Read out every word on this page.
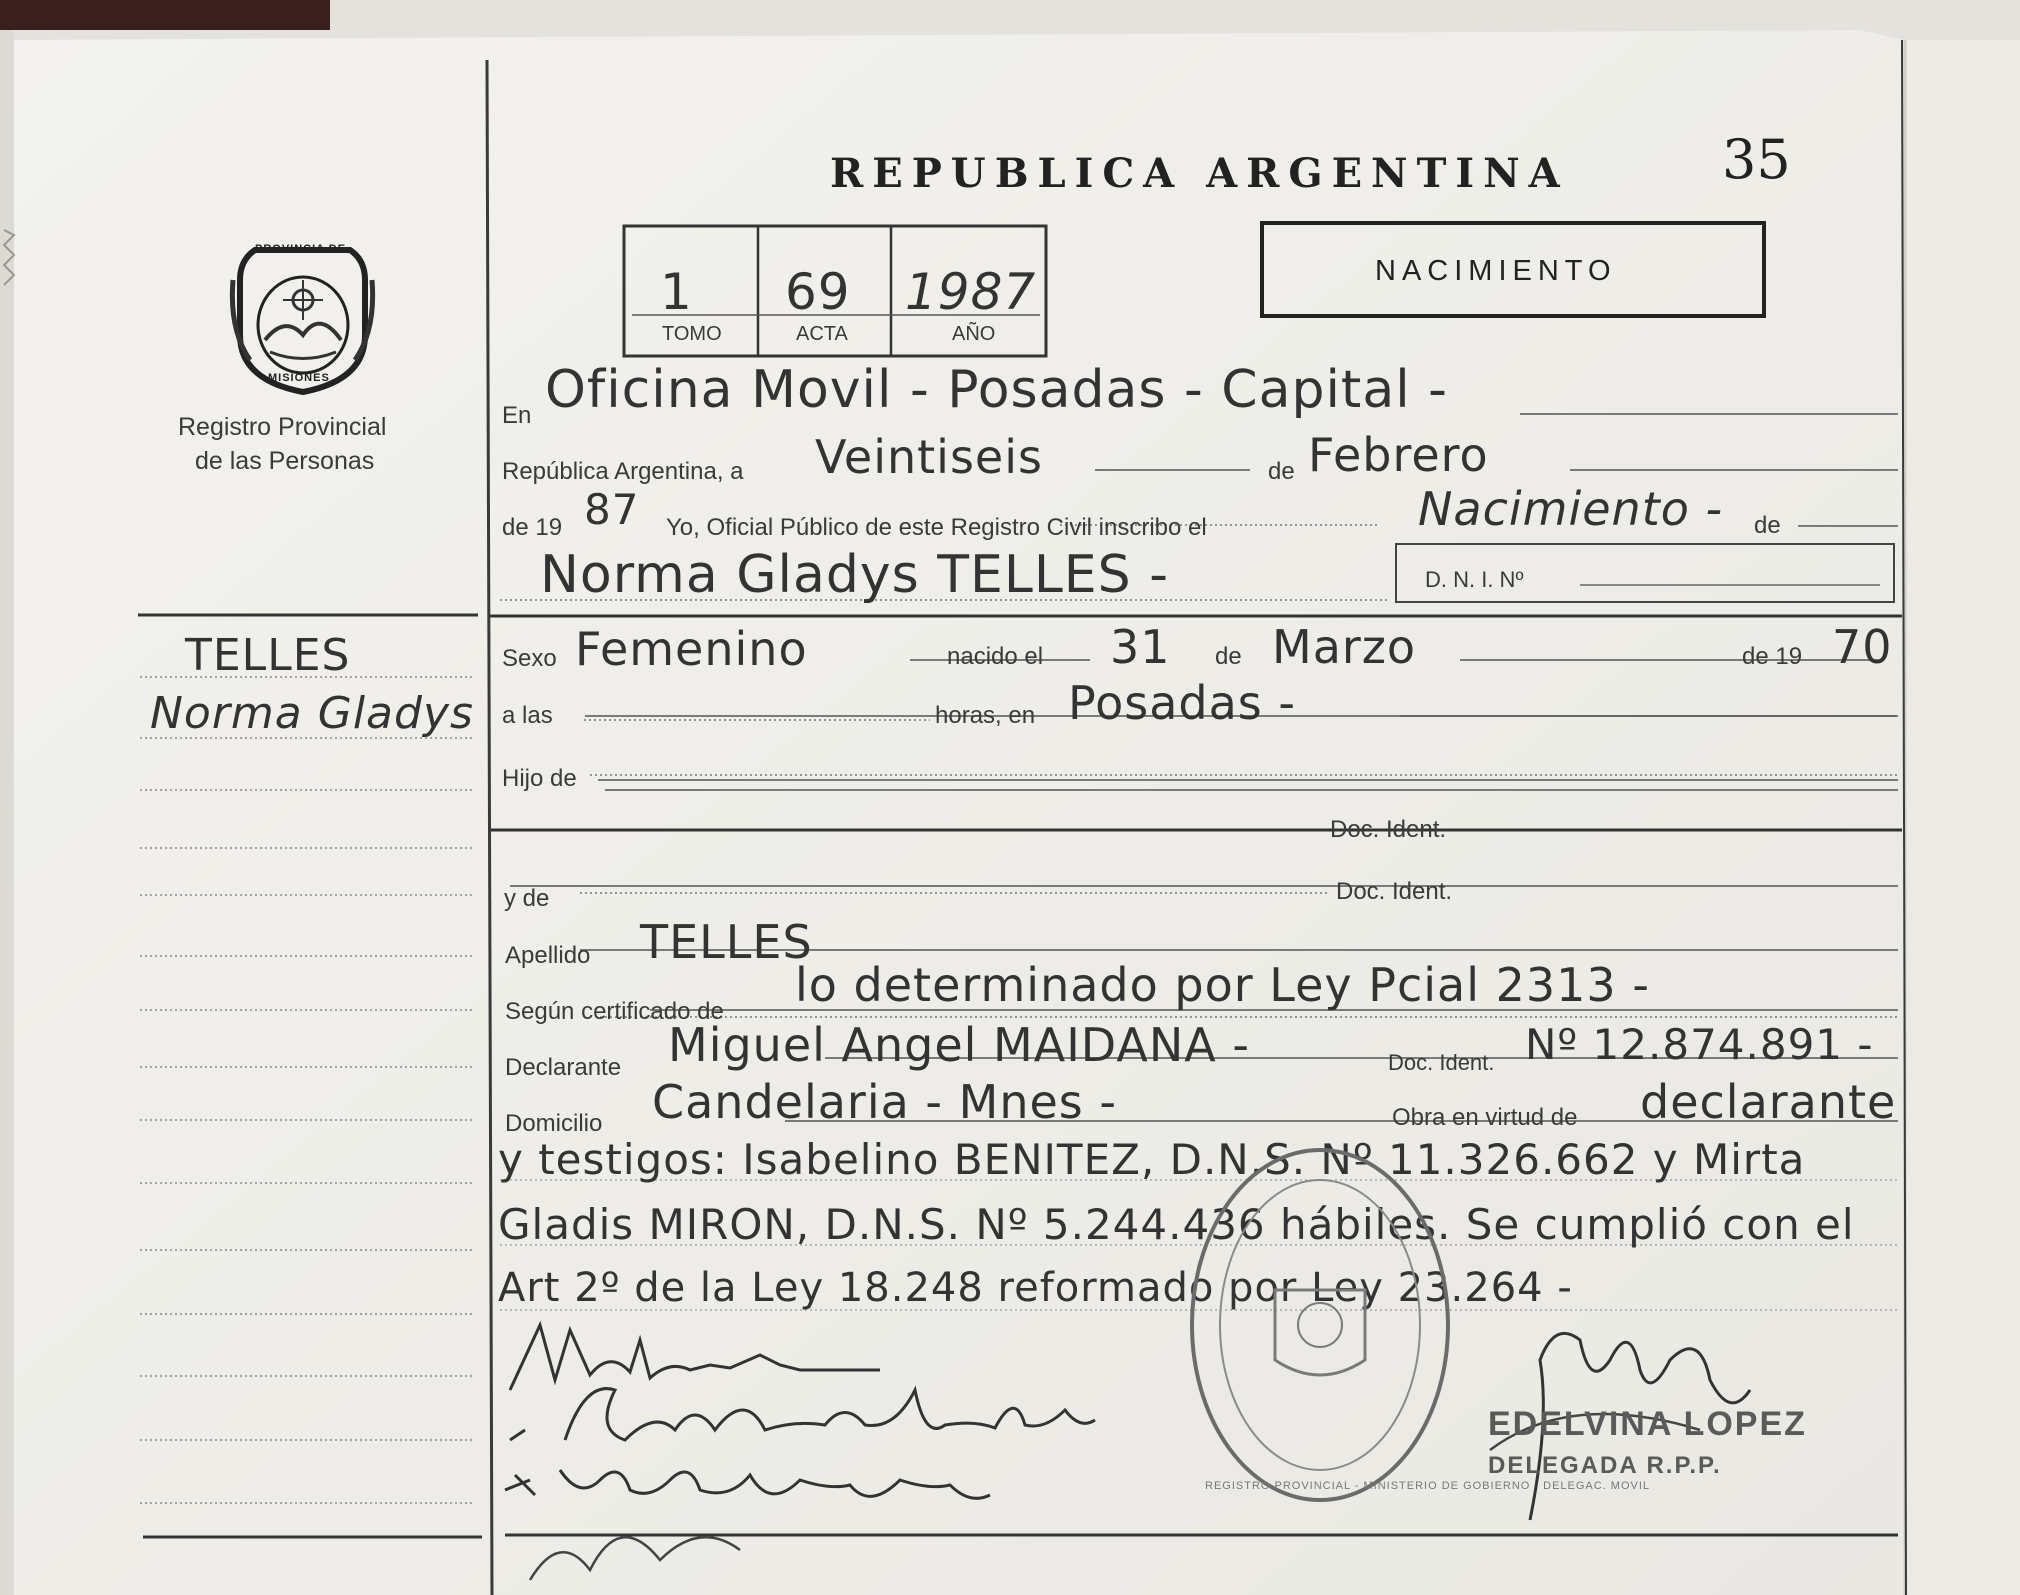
REPUBLICA ARGENTINA	35
NACIMIENTO
PROVINCIA DE
MISIONES
Registro Provincial
de las Personas
TELLES
Norma Gladys
1
TOMO
69
ACTA
1987
AÑO
En Oficina Movil - Posadas - Capital -
República Argentina, a Veintiseis	de Febrero
de 19 87 Yo, Oficial Público de este Registro Civil inscribo el	Nacimiento - de
Norma Gladys TELLES -	D. N. I. Nº
Sexo Femenino	nacido el 31 de Marzo	de 19 70
a las	horas, en Posadas -
Hijo de
Doc. Ident.
y de	Doc. Ident.
Apellido TELLES
Según certificado de lo determinado por Ley Pcial 2313 -
Declarante Miguel Angel MAIDANA -	Doc. Ident. Nº 12.874.891 -
Domicilio Candelaria - Mnes -	Obra en virtud de declarante
y testigos: Isabelino BENITEZ, D.N.S. Nº 11.326.662 y Mirta
Gladis MIRON, D.N.S. Nº 5.244.436 hábiles. Se cumplió con el
Art 2º de la Ley 18.248 reformado por Ley 23.264 -
REGISTRO PROVINCIAL - MINISTERIO DE GOBIERNO - DELEGAC. MOVIL
EDELVINA LOPEZ
DELEGADA R.P.P.
